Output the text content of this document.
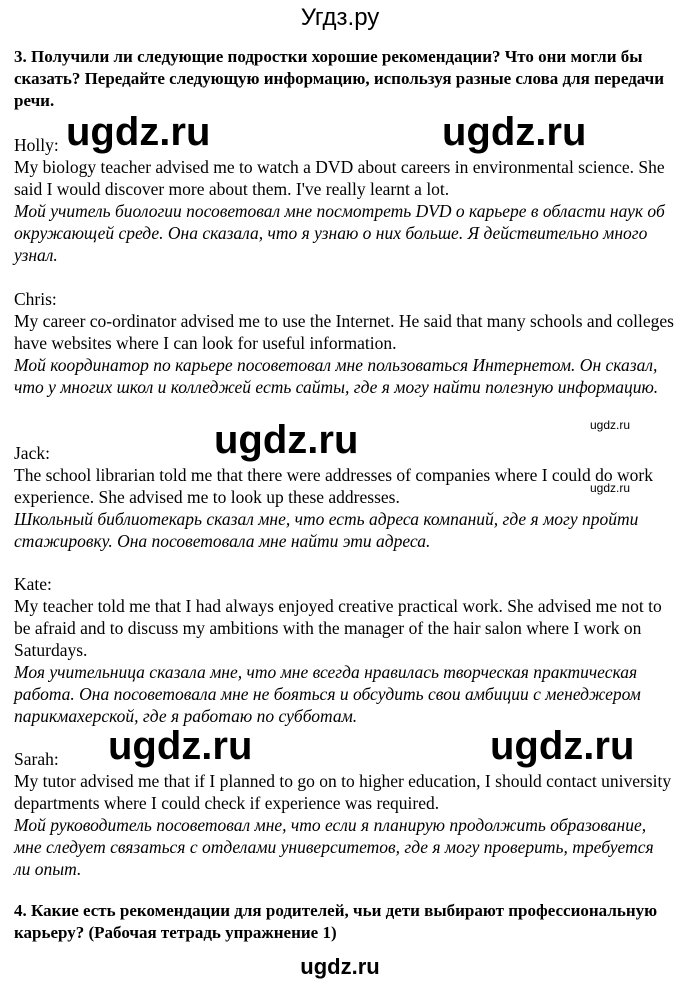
Угдз.ру

3. Получили ли следующие подростки хорошие рекомендации? Что они могли бы сказать? Передайте следующую информацию, используя разные слова для передачи речи.

Holly:
My biology teacher advised me to watch a DVD about careers in environmental science. She said I would discover more about them. I've really learnt a lot.
Мой учитель биологии посоветовал мне посмотреть DVD о карьере в области наук об окружающей среде. Она сказала, что я узнаю о них больше. Я действительно много узнал.
Chris:
My career co-ordinator advised me to use the Internet. He said that many schools and colleges have websites where I can look for useful information.
Мой координатор по карьере посоветовал мне пользоваться Интернетом. Он сказал, что у многих школ и колледжей есть сайты, где я могу найти полезную информацию.
Jack:
The school librarian told me that there were addresses of companies where I could do work experience. She advised me to look up these addresses.
Школьный библиотекарь сказал мне, что есть адреса компаний, где я могу пройти стажировку. Она посоветовала мне найти эти адреса.
Kate:
My teacher told me that I had always enjoyed creative practical work. She advised me not to be afraid and to discuss my ambitions with the manager of the hair salon where I work on Saturdays.
Моя учительница сказала мне, что мне всегда нравилась творческая практическая работа. Она посоветовала мне не бояться и обсудить свои амбиции с менеджером парикмахерской, где я работаю по субботам.
Sarah:
My tutor advised me that if I planned to go on to higher education, I should contact university departments where I could check if experience was required.
Мой руководитель посоветовал мне, что если я планирую продолжить образование, мне следует связаться с отделами университетов, где я могу проверить, требуется ли опыт.

4. Какие есть рекомендации для родителей, чьи дети выбирают профессиональную карьеру? (Рабочая тетрадь упражнение 1)

ugdz.ru	ugdz.ru
ugdz.ru
ugdz.ru
ugdz.ru
ugdz.ru	ugdz.ru
ugdz.ru
